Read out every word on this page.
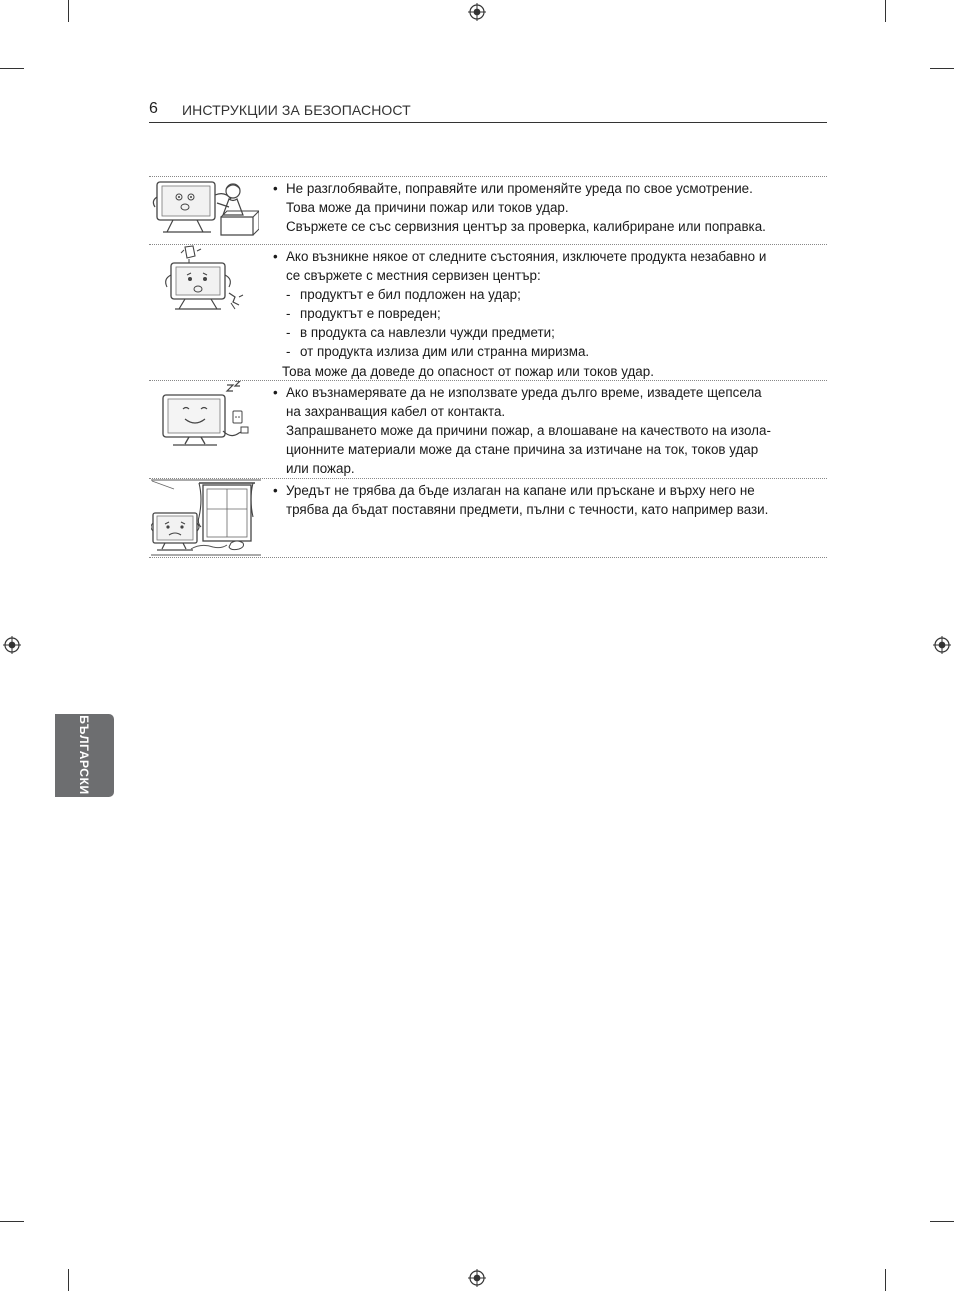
6 ИНСТРУКЦИИ ЗА БЕЗОПАСНОСТ
• Не разглобявайте, поправяйте или променяйте уреда по свое усмотрение.
Това може да причини пожар или токов удар.
Свържете се със сервизния център за проверка, калибриране или поправка.
• Ако възникне някое от следните състояния, изключете продукта незабавно и
се свържете с местния сервизен център:
- продуктът е бил подложен на удар;
- продуктът е повреден;
- в продукта са навлезли чужди предмети;
- от продукта излиза дим или странна миризма.
Това може да доведе до опасност от пожар или токов удар.
• Ако възнамерявате да не използвате уреда дълго време, извадете щепсела
на захранващия кабел от контакта.
Запрашването може да причини пожар, а влошаване на качеството на изола-
ционните материали може да стане причина за изтичане на ток, токов удар
или пожар.
• Уредът не трябва да бъде излаган на капане или пръскане и върху него не
трябва да бъдат поставяни предмети, пълни с течности, като например вази.
БЪЛГАРСКИ
